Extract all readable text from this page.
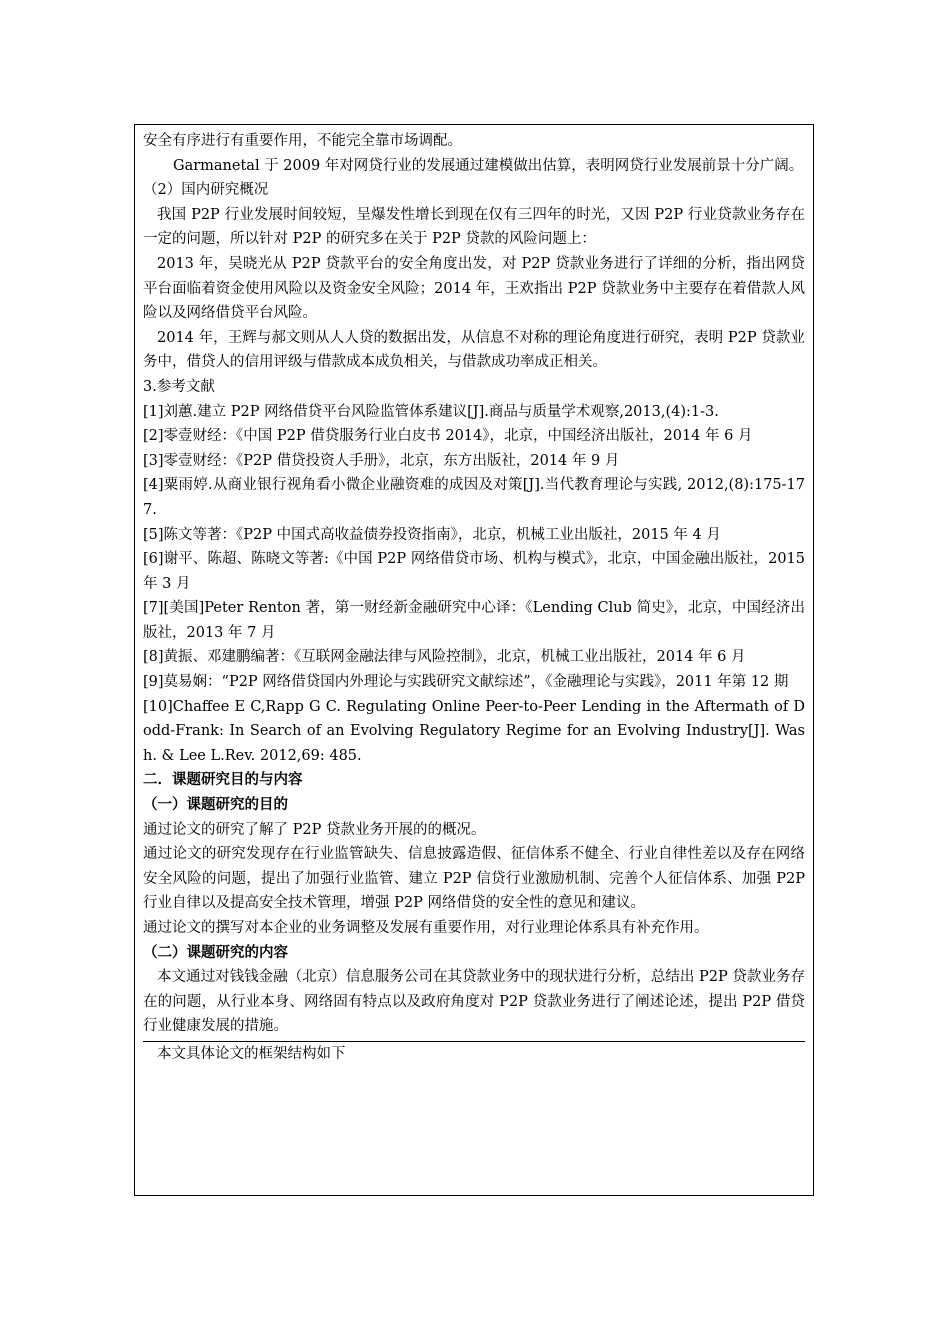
安全有序进行有重要作用，不能完全靠市场调配。

Garmanetal 于 2009 年对网贷行业的发展通过建模做出估算，表明网贷行业发展前景十分广阔。

（2）国内研究概况

我国 P2P 行业发展时间较短，呈爆发性增长到现在仅有三四年的时光，又因 P2P 行业贷款业务存在一定的问题，所以针对 P2P 的研究多在关于 P2P 贷款的风险问题上：

2013 年，吴晓光从 P2P 贷款平台的安全角度出发，对 P2P 贷款业务进行了详细的分析，指出网贷平台面临着资金使用风险以及资金安全风险；2014 年，王欢指出 P2P 贷款业务中主要存在着借款人风险以及网络借贷平台风险。

2014 年，王辉与郝文则从人人贷的数据出发，从信息不对称的理论角度进行研究，表明 P2P 贷款业务中，借贷人的信用评级与借款成本成负相关，与借款成功率成正相关。

3.参考文献

[1]刘蕙.建立 P2P 网络借贷平台风险监管体系建议[J].商品与质量学术观察,2013,(4):1-3.

[2]零壹财经：《中国 P2P 借贷服务行业白皮书 2014》，北京，中国经济出版社，2014 年 6 月

[3]零壹财经：《P2P 借贷投资人手册》，北京，东方出版社，2014 年 9 月

[4]粟雨婷.从商业银行视角看小微企业融资难的成因及对策[J].当代教育理论与实践, 2012,(8):175-177.

[5]陈文等著：《P2P 中国式高收益债券投资指南》，北京，机械工业出版社，2015 年 4 月

[6]谢平、陈超、陈晓文等著:《中国 P2P 网络借贷市场、机构与模式》，北京，中国金融出版社，2015 年 3 月

[7][美国]Peter Renton 著，第一财经新金融研究中心译：《Lending Club 简史》，北京，中国经济出版社，2013 年 7 月

[8]黄振、邓建鹏编著：《互联网金融法律与风险控制》，北京，机械工业出版社，2014 年 6 月

[9]莫易娴：“P2P 网络借贷国内外理论与实践研究文献综述”，《金融理论与实践》，2011 年第 12 期

[10]Chaffee E C,Rapp G C. Regulating Online Peer-to-Peer Lending in the Aftermath of Dodd-Frank: In Search of an Evolving Regulatory Regime for an Evolving Industry[J]. Wash. & Lee L.Rev. 2012,69: 485.

二．课题研究目的与内容

（一）课题研究的目的

通过论文的研究了解了 P2P 贷款业务开展的的概况。

通过论文的研究发现存在行业监管缺失、信息披露造假、征信体系不健全、行业自律性差以及存在网络安全风险的问题，提出了加强行业监管、建立 P2P 信贷行业激励机制、完善个人征信体系、加强 P2P 行业自律以及提高安全技术管理，增强 P2P 网络借贷的安全性的意见和建议。

通过论文的撰写对本企业的业务调整及发展有重要作用，对行业理论体系具有补充作用。

（二）课题研究的内容

本文通过对钱钱金融（北京）信息服务公司在其贷款业务中的现状进行分析，总结出 P2P 贷款业务存在的问题，从行业本身、网络固有特点以及政府角度对 P2P 贷款业务进行了阐述论述，提出 P2P 借贷行业健康发展的措施。

本文具体论文的框架结构如下
